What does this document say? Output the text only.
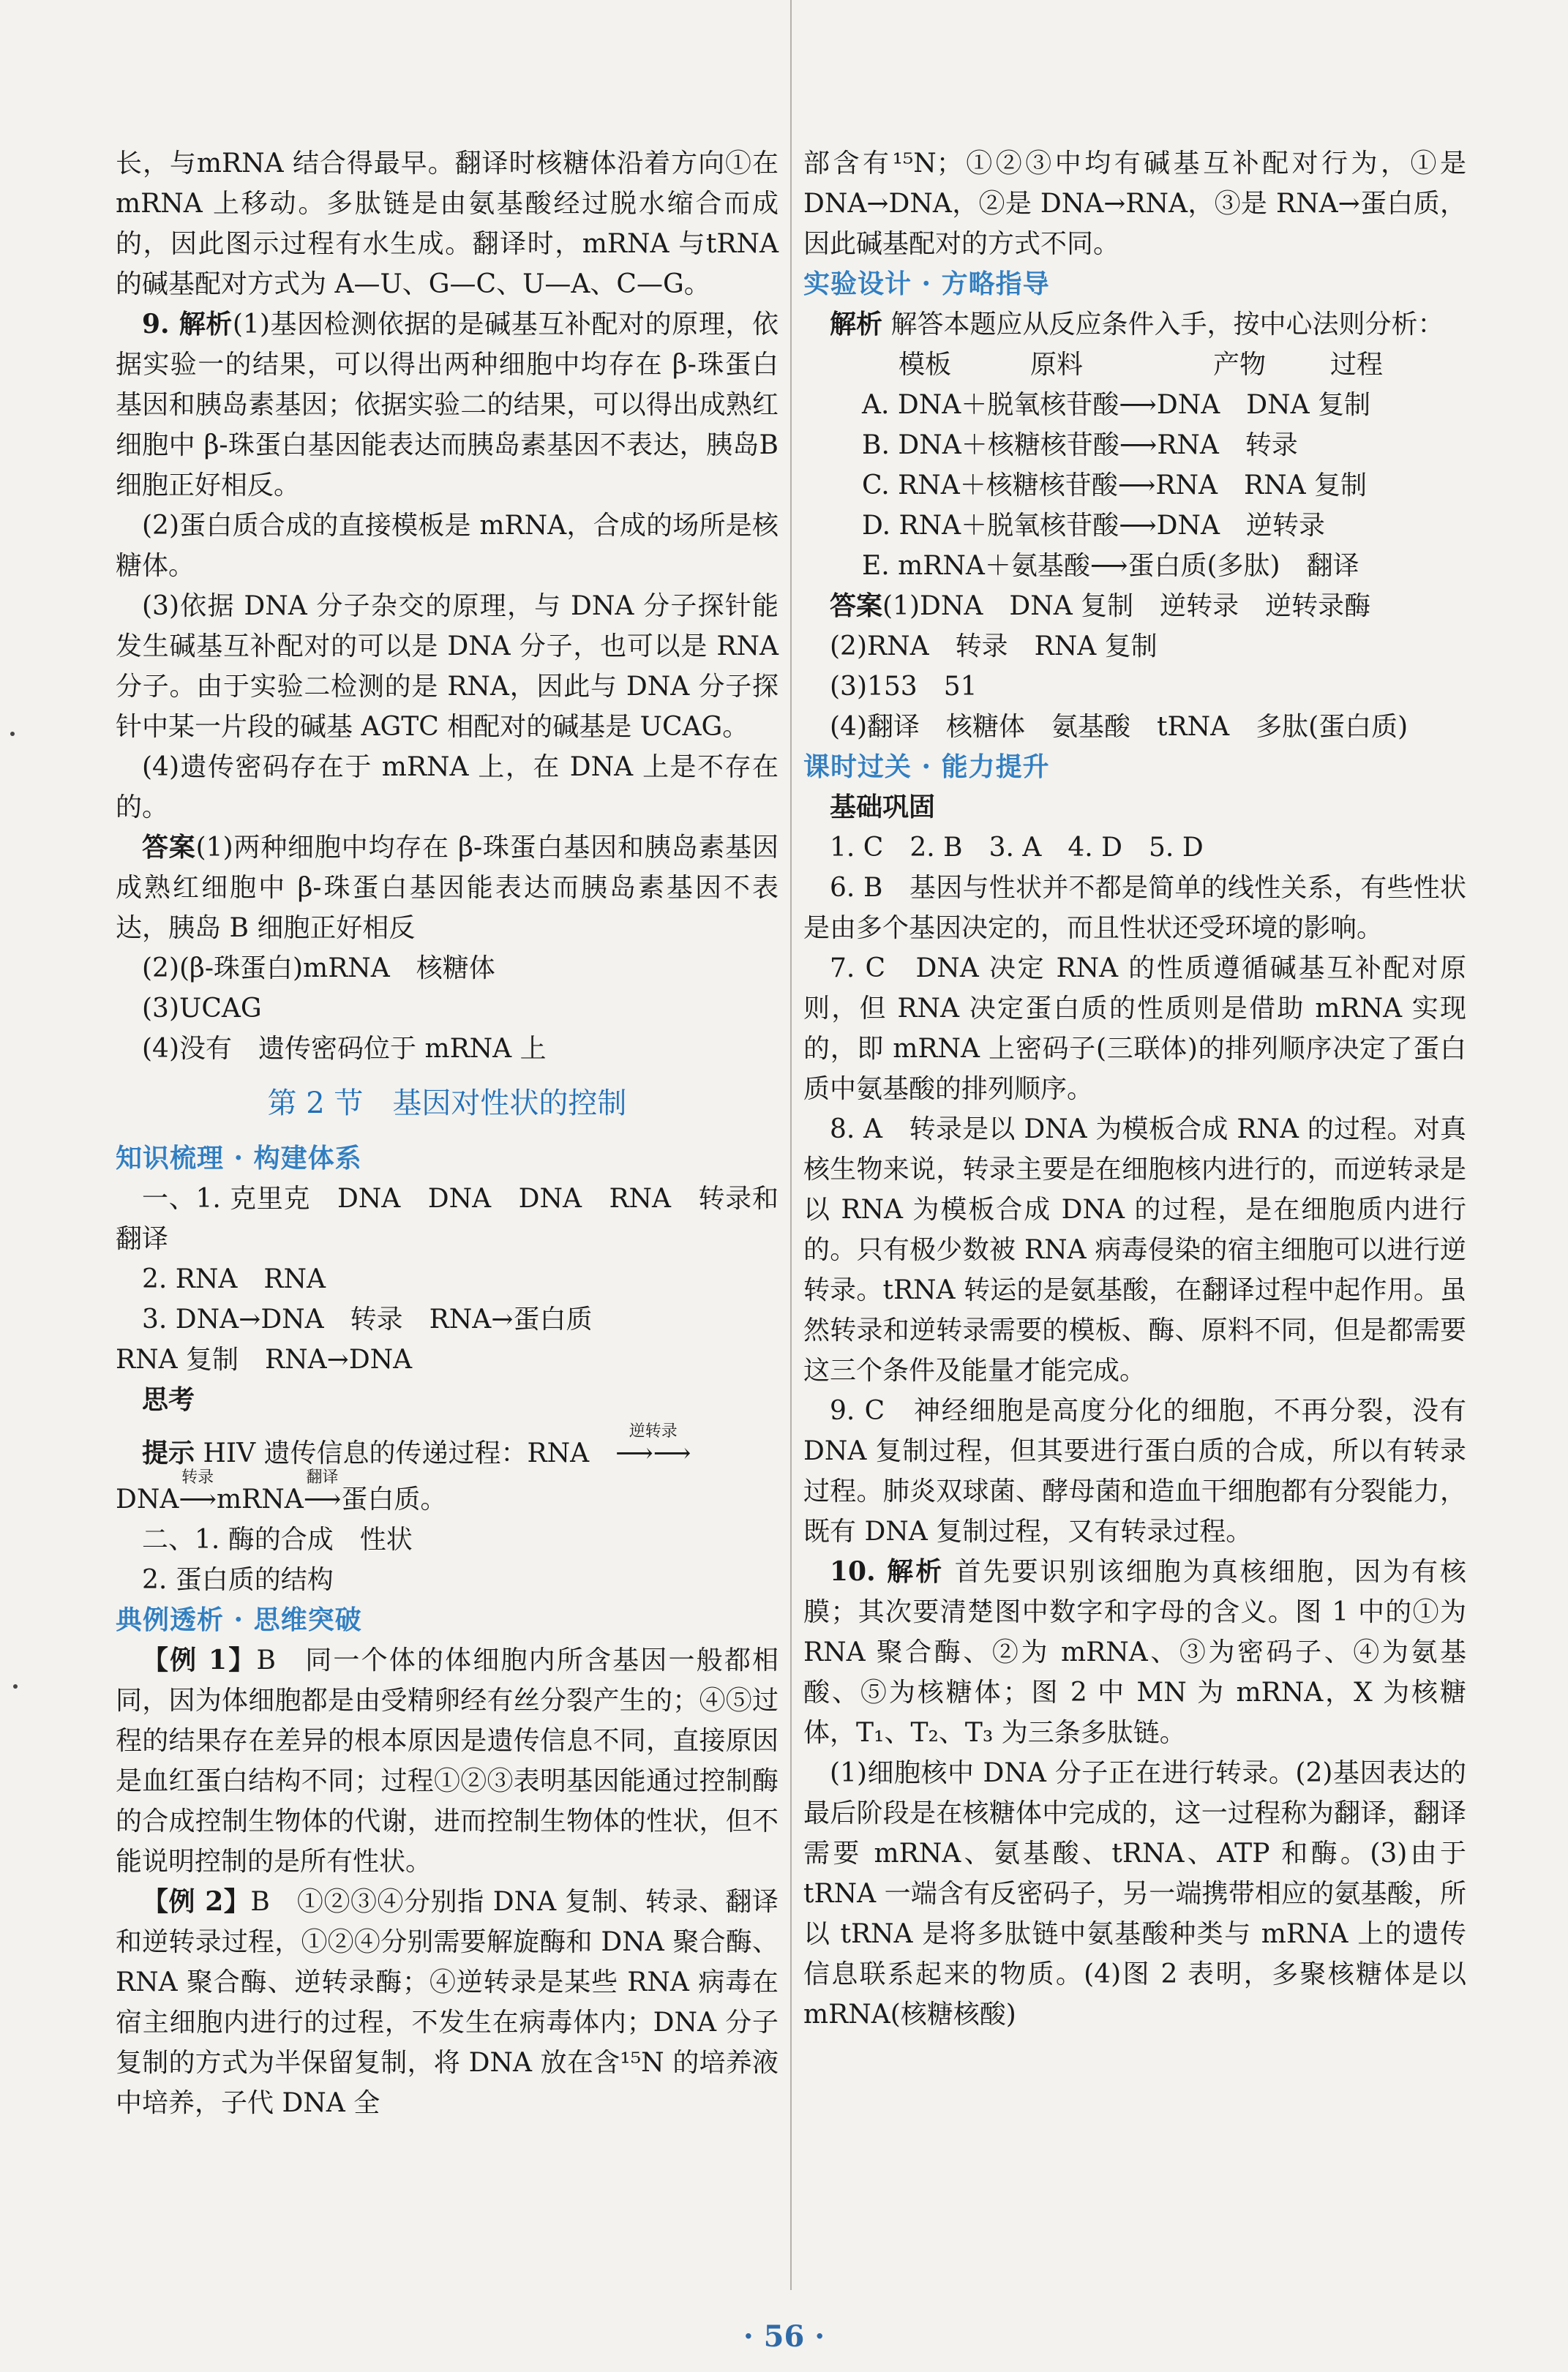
长，与mRNA 结合得最早。翻译时核糖体沿着方向①在mRNA 上移动。多肽链是由氨基酸经过脱水缩合而成的，因此图示过程有水生成。翻译时，mRNA 与tRNA 的碱基配对方式为 A—U、G—C、U—A、C—G。

9. 解析(1)基因检测依据的是碱基互补配对的原理，依据实验一的结果，可以得出两种细胞中均存在 β-珠蛋白基因和胰岛素基因；依据实验二的结果，可以得出成熟红细胞中 β-珠蛋白基因能表达而胰岛素基因不表达，胰岛B 细胞正好相反。

(2)蛋白质合成的直接模板是 mRNA，合成的场所是核糖体。

(3)依据 DNA 分子杂交的原理，与 DNA 分子探针能发生碱基互补配对的可以是 DNA 分子，也可以是 RNA 分子。由于实验二检测的是 RNA，因此与 DNA 分子探针中某一片段的碱基 AGTC 相配对的碱基是 UCAG。

(4)遗传密码存在于 mRNA 上，在 DNA 上是不存在的。

答案(1)两种细胞中均存在 β-珠蛋白基因和胰岛素基因　成熟红细胞中 β-珠蛋白基因能表达而胰岛素基因不表达，胰岛 B 细胞正好相反

(2)(β-珠蛋白)mRNA　核糖体

(3)UCAG

(4)没有　遗传密码位于 mRNA 上

第 2 节　基因对性状的控制

知识梳理 · 构建体系

一、1. 克里克　DNA　DNA　DNA　RNA　转录和翻译

2. RNA　RNA

3. DNA→DNA　转录　RNA→蛋白质

RNA 复制　RNA→DNA

思考

提示 HIV 遗传信息的传递过程：RNA ⟶⟶
逆转录

DNA⟶
转录
mRNA⟶
翻译
蛋白质。

二、1. 酶的合成　性状

2. 蛋白质的结构

典例透析 · 思维突破

【例 1】B　同一个体的体细胞内所含基因一般都相同，因为体细胞都是由受精卵经有丝分裂产生的；④⑤过程的结果存在差异的根本原因是遗传信息不同，直接原因是血红蛋白结构不同；过程①②③表明基因能通过控制酶的合成控制生物体的代谢，进而控制生物体的性状，但不能说明控制的是所有性状。

【例 2】B　①②③④分别指 DNA 复制、转录、翻译和逆转录过程，①②④分别需要解旋酶和 DNA 聚合酶、RNA 聚合酶、逆转录酶；④逆转录是某些 RNA 病毒在宿主细胞内进行的过程，不发生在病毒体内；DNA 分子复制的方式为半保留复制，将 DNA 放在含¹⁵N 的培养液中培养，子代 DNA 全

部含有¹⁵N；①②③中均有碱基互补配对行为，①是 DNA→DNA，②是 DNA→RNA，③是 RNA→蛋白质，因此碱基配对的方式不同。

实验设计 · 方略指导

解析 解答本题应从反应条件入手，按中心法则分析：

模板	原料	产物	过程

A. DNA＋脱氧核苷酸⟶DNA　DNA 复制

B. DNA＋核糖核苷酸⟶RNA　转录

C. RNA＋核糖核苷酸⟶RNA　RNA 复制

D. RNA＋脱氧核苷酸⟶DNA　逆转录

E. mRNA＋氨基酸⟶蛋白质(多肽)　翻译

答案(1)DNA　DNA 复制　逆转录　逆转录酶

(2)RNA　转录　RNA 复制

(3)153　51

(4)翻译　核糖体　氨基酸　tRNA　多肽(蛋白质)

课时过关 · 能力提升

基础巩固

1. C　2. B　3. A　4. D　5. D

6. B　基因与性状并不都是简单的线性关系，有些性状是由多个基因决定的，而且性状还受环境的影响。

7. C　DNA 决定 RNA 的性质遵循碱基互补配对原则，但 RNA 决定蛋白质的性质则是借助 mRNA 实现的，即 mRNA 上密码子(三联体)的排列顺序决定了蛋白质中氨基酸的排列顺序。

8. A　转录是以 DNA 为模板合成 RNA 的过程。对真核生物来说，转录主要是在细胞核内进行的，而逆转录是以 RNA 为模板合成 DNA 的过程，是在细胞质内进行的。只有极少数被 RNA 病毒侵染的宿主细胞可以进行逆转录。tRNA 转运的是氨基酸，在翻译过程中起作用。虽然转录和逆转录需要的模板、酶、原料不同，但是都需要这三个条件及能量才能完成。

9. C　神经细胞是高度分化的细胞，不再分裂，没有 DNA 复制过程，但其要进行蛋白质的合成，所以有转录过程。肺炎双球菌、酵母菌和造血干细胞都有分裂能力，既有 DNA 复制过程，又有转录过程。

10. 解析 首先要识别该细胞为真核细胞，因为有核膜；其次要清楚图中数字和字母的含义。图 1 中的①为 RNA 聚合酶、②为 mRNA、③为密码子、④为氨基酸、⑤为核糖体；图 2 中 MN 为 mRNA，X 为核糖体，T₁、T₂、T₃ 为三条多肽链。

(1)细胞核中 DNA 分子正在进行转录。(2)基因表达的最后阶段是在核糖体中完成的，这一过程称为翻译，翻译需要 mRNA、氨基酸、tRNA、ATP 和酶。(3)由于 tRNA 一端含有反密码子，另一端携带相应的氨基酸，所以 tRNA 是将多肽链中氨基酸种类与 mRNA 上的遗传信息联系起来的物质。(4)图 2 表明，多聚核糖体是以 mRNA(核糖核酸)

· 56 ·
